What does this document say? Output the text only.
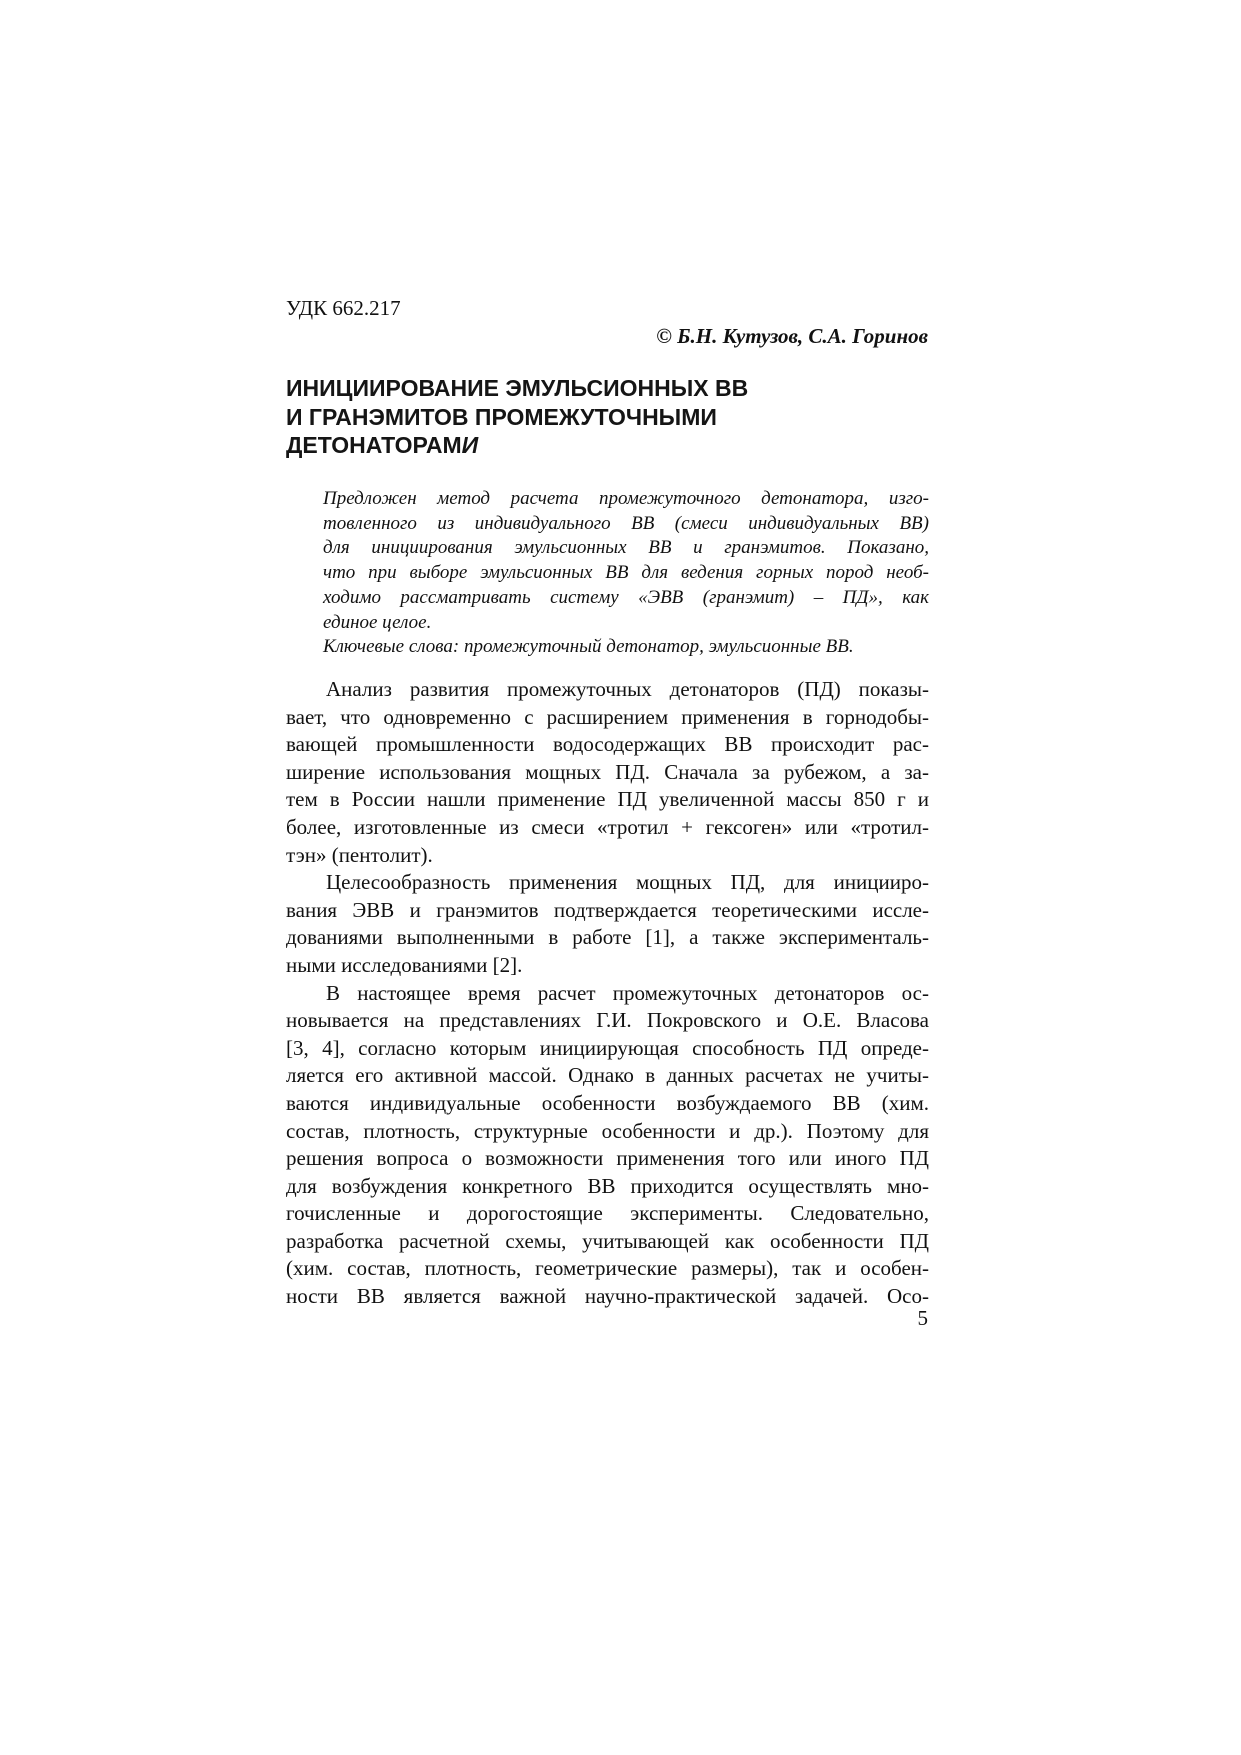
УДК 662.217
© Б.Н. Кутузов, С.А. Горинов
ИНИЦИИРОВАНИЕ ЭМУЛЬСИОННЫХ ВВ
И ГРАНЭМИТОВ ПРОМЕЖУТОЧНЫМИ
ДЕТОНАТОРАМИ
Предложен метод расчета промежуточного детонатора, изго-
товленного из индивидуального ВВ (смеси индивидуальных ВВ)
для инициирования эмульсионных ВВ и гранэмитов. Показано,
что при выборе эмульсионных ВВ для ведения горных пород необ-
ходимо рассматривать систему «ЭВВ (гранэмит) – ПД», как
единое целое.
Ключевые слова: промежуточный детонатор, эмульсионные ВВ.
Анализ развития промежуточных детонаторов (ПД) показы-
вает, что одновременно с расширением применения в горнодобы-
вающей промышленности водосодержащих ВВ происходит рас-
ширение использования мощных ПД. Сначала за рубежом, а за-
тем в России нашли применение ПД увеличенной массы 850 г и
более, изготовленные из смеси «тротил + гексоген» или «тротил-
тэн» (пентолит).
Целесообразность применения мощных ПД, для иницииро-
вания ЭВВ и гранэмитов подтверждается теоретическими иссле-
дованиями выполненными в работе [1], а также эксперименталь-
ными исследованиями [2].
В настоящее время расчет промежуточных детонаторов ос-
новывается на представлениях Г.И. Покровского и О.Е. Власова
[3, 4], согласно которым инициирующая способность ПД опреде-
ляется его активной массой. Однако в данных расчетах не учиты-
ваются индивидуальные особенности возбуждаемого ВВ (хим.
состав, плотность, структурные особенности и др.). Поэтому для
решения вопроса о возможности применения того или иного ПД
для возбуждения конкретного ВВ приходится осуществлять мно-
гочисленные и дорогостоящие эксперименты. Следовательно,
разработка расчетной схемы, учитывающей как особенности ПД
(хим. состав, плотность, геометрические размеры), так и особен-
ности ВВ является важной научно-практической задачей. Осо-
5
